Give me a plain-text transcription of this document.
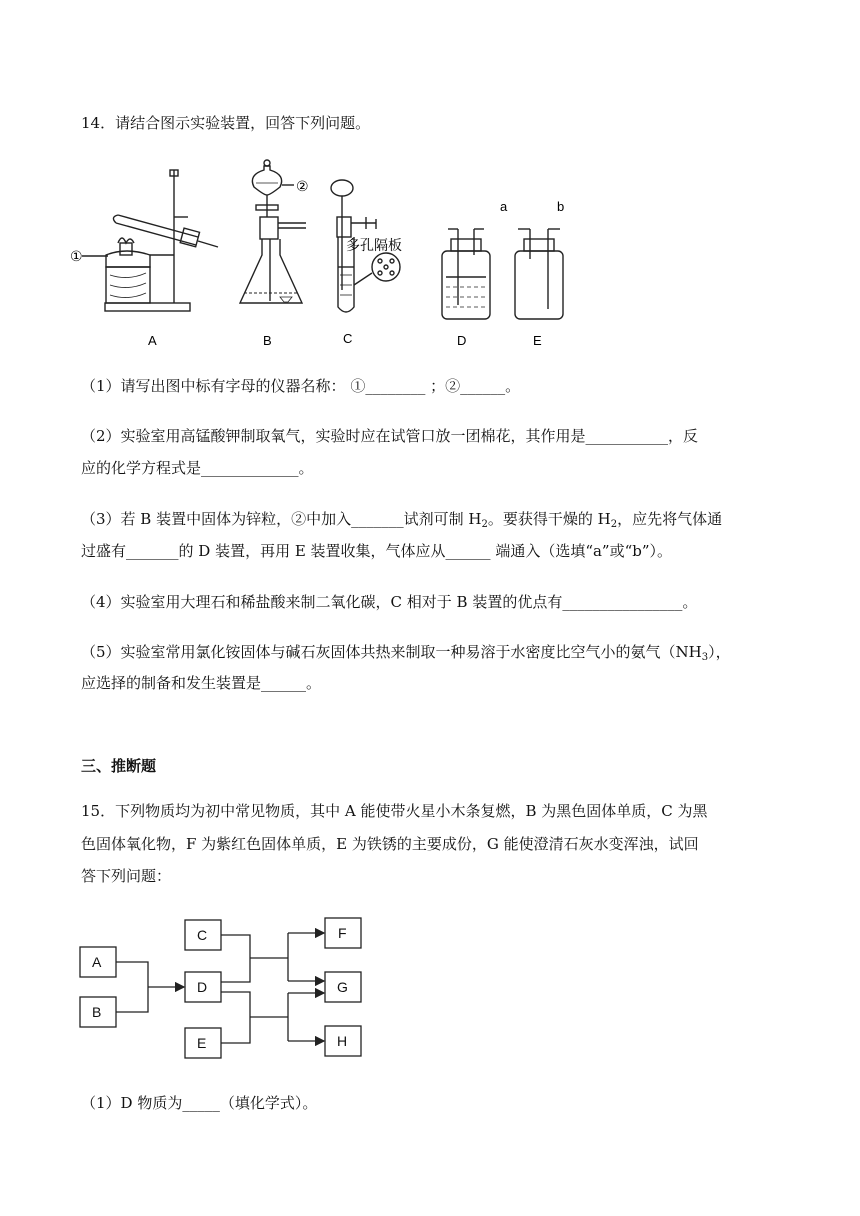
14．请结合图示实验装置，回答下列问题。
①
②
多孔隔板
a	b
A	B	C	D	E
（1）请写出图中标有字母的仪器名称： ①________ ；②______。
（2）实验室用高锰酸钾制取氧气，实验时应在试管口放一团棉花，其作用是___________，反
应的化学方程式是_____________。
（3）若 B 装置中固体为锌粒，②中加入_______试剂可制 $H_2$。要获得干燥的 $H_2$，应先将气体通
过盛有_______的 D 装置，再用 E 装置收集，气体应从______ 端通入（选填“a”或“b”）。
（4）实验室用大理石和稀盐酸来制二氧化碳，C 相对于 B 装置的优点有________________。
（5）实验室常用氯化铵固体与碱石灰固体共热来制取一种易溶于水密度比空气小的氨气$(NH_3)$，
应选择的制备和发生装置是______。
三、推断题
15．下列物质均为初中常见物质，其中 A 能使带火星小木条复燃，B 为黑色固体单质，C 为黑
色固体氧化物，F 为紫红色固体单质，E 为铁锈的主要成份，G 能使澄清石灰水变浑浊，试回
答下列问题：
A
B
C
D
E
F
G
H
（1）D 物质为_____（填化学式）。
